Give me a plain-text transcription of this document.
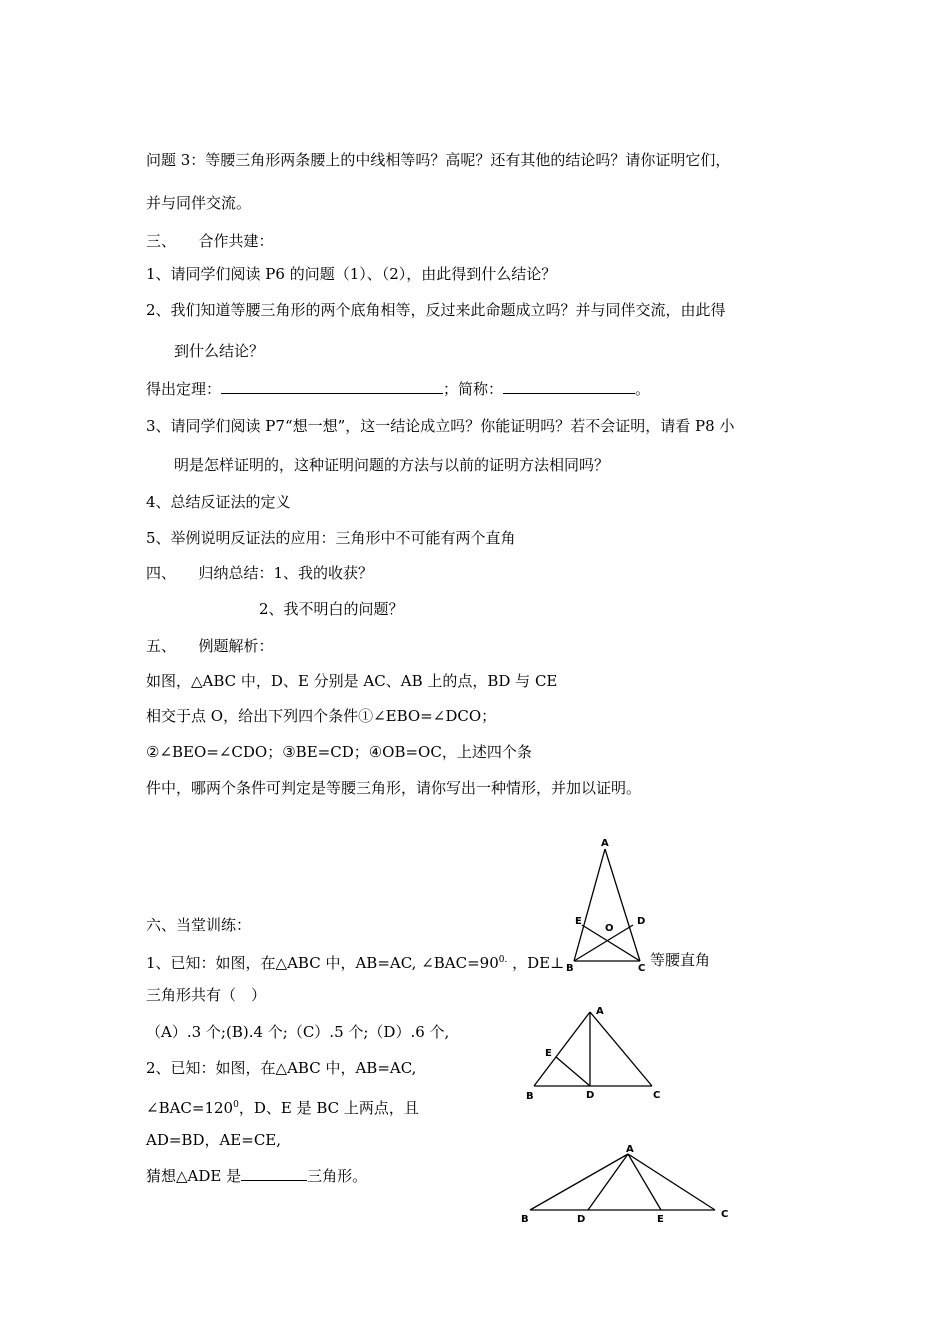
问题 3：等腰三角形两条腰上的中线相等吗？高呢？还有其他的结论吗？请你证明它们，
并与同伴交流。
三、　　合作共建：
1、请同学们阅读 P6 的问题（1）、（2），由此得到什么结论？
2、我们知道等腰三角形的两个底角相等，反过来此命题成立吗？并与同伴交流，由此得
到什么结论？
得出定理：	；简称：	。
3、请同学们阅读 P7“想一想”，这一结论成立吗？你能证明吗？若不会证明，请看 P8 小
明是怎样证明的，这种证明问题的方法与以前的证明方法相同吗？
4、总结反证法的定义
5、举例说明反证法的应用：三角形中不可能有两个直角
四、　　归纳总结：1、我的收获？
2、我不明白的问题？
五、　　例题解析：
如图，△ABC 中，D、E 分别是 AC、AB 上的点，BD 与 CE
相交于点 O，给出下列四个条件①∠EBO=∠DCO；
②∠BEO=∠CDO；③BE=CD；④OB=OC，上述四个条
件中，哪两个条件可判定是等腰三角形，请你写出一种情形，并加以证明。
六、当堂训练：
1、已知：如图，在△ABC 中，AB=AC, $\angle BAC=90^{0.}$ ，DE⊥	等腰直角
三角形共有（　）
（A）.3 个;(B).4 个;（C）.5 个;（D）.6 个,
2、已知：如图，在△ABC 中，AB=AC,
$\angle BAC=120^0$，D、E 是 BC 上两点，且
AD=BD，AE=CE,
猜想△ADE 是	三角形。
A
E
O
D
B	C
A
E
B	D	C
A
B	D	E	C
